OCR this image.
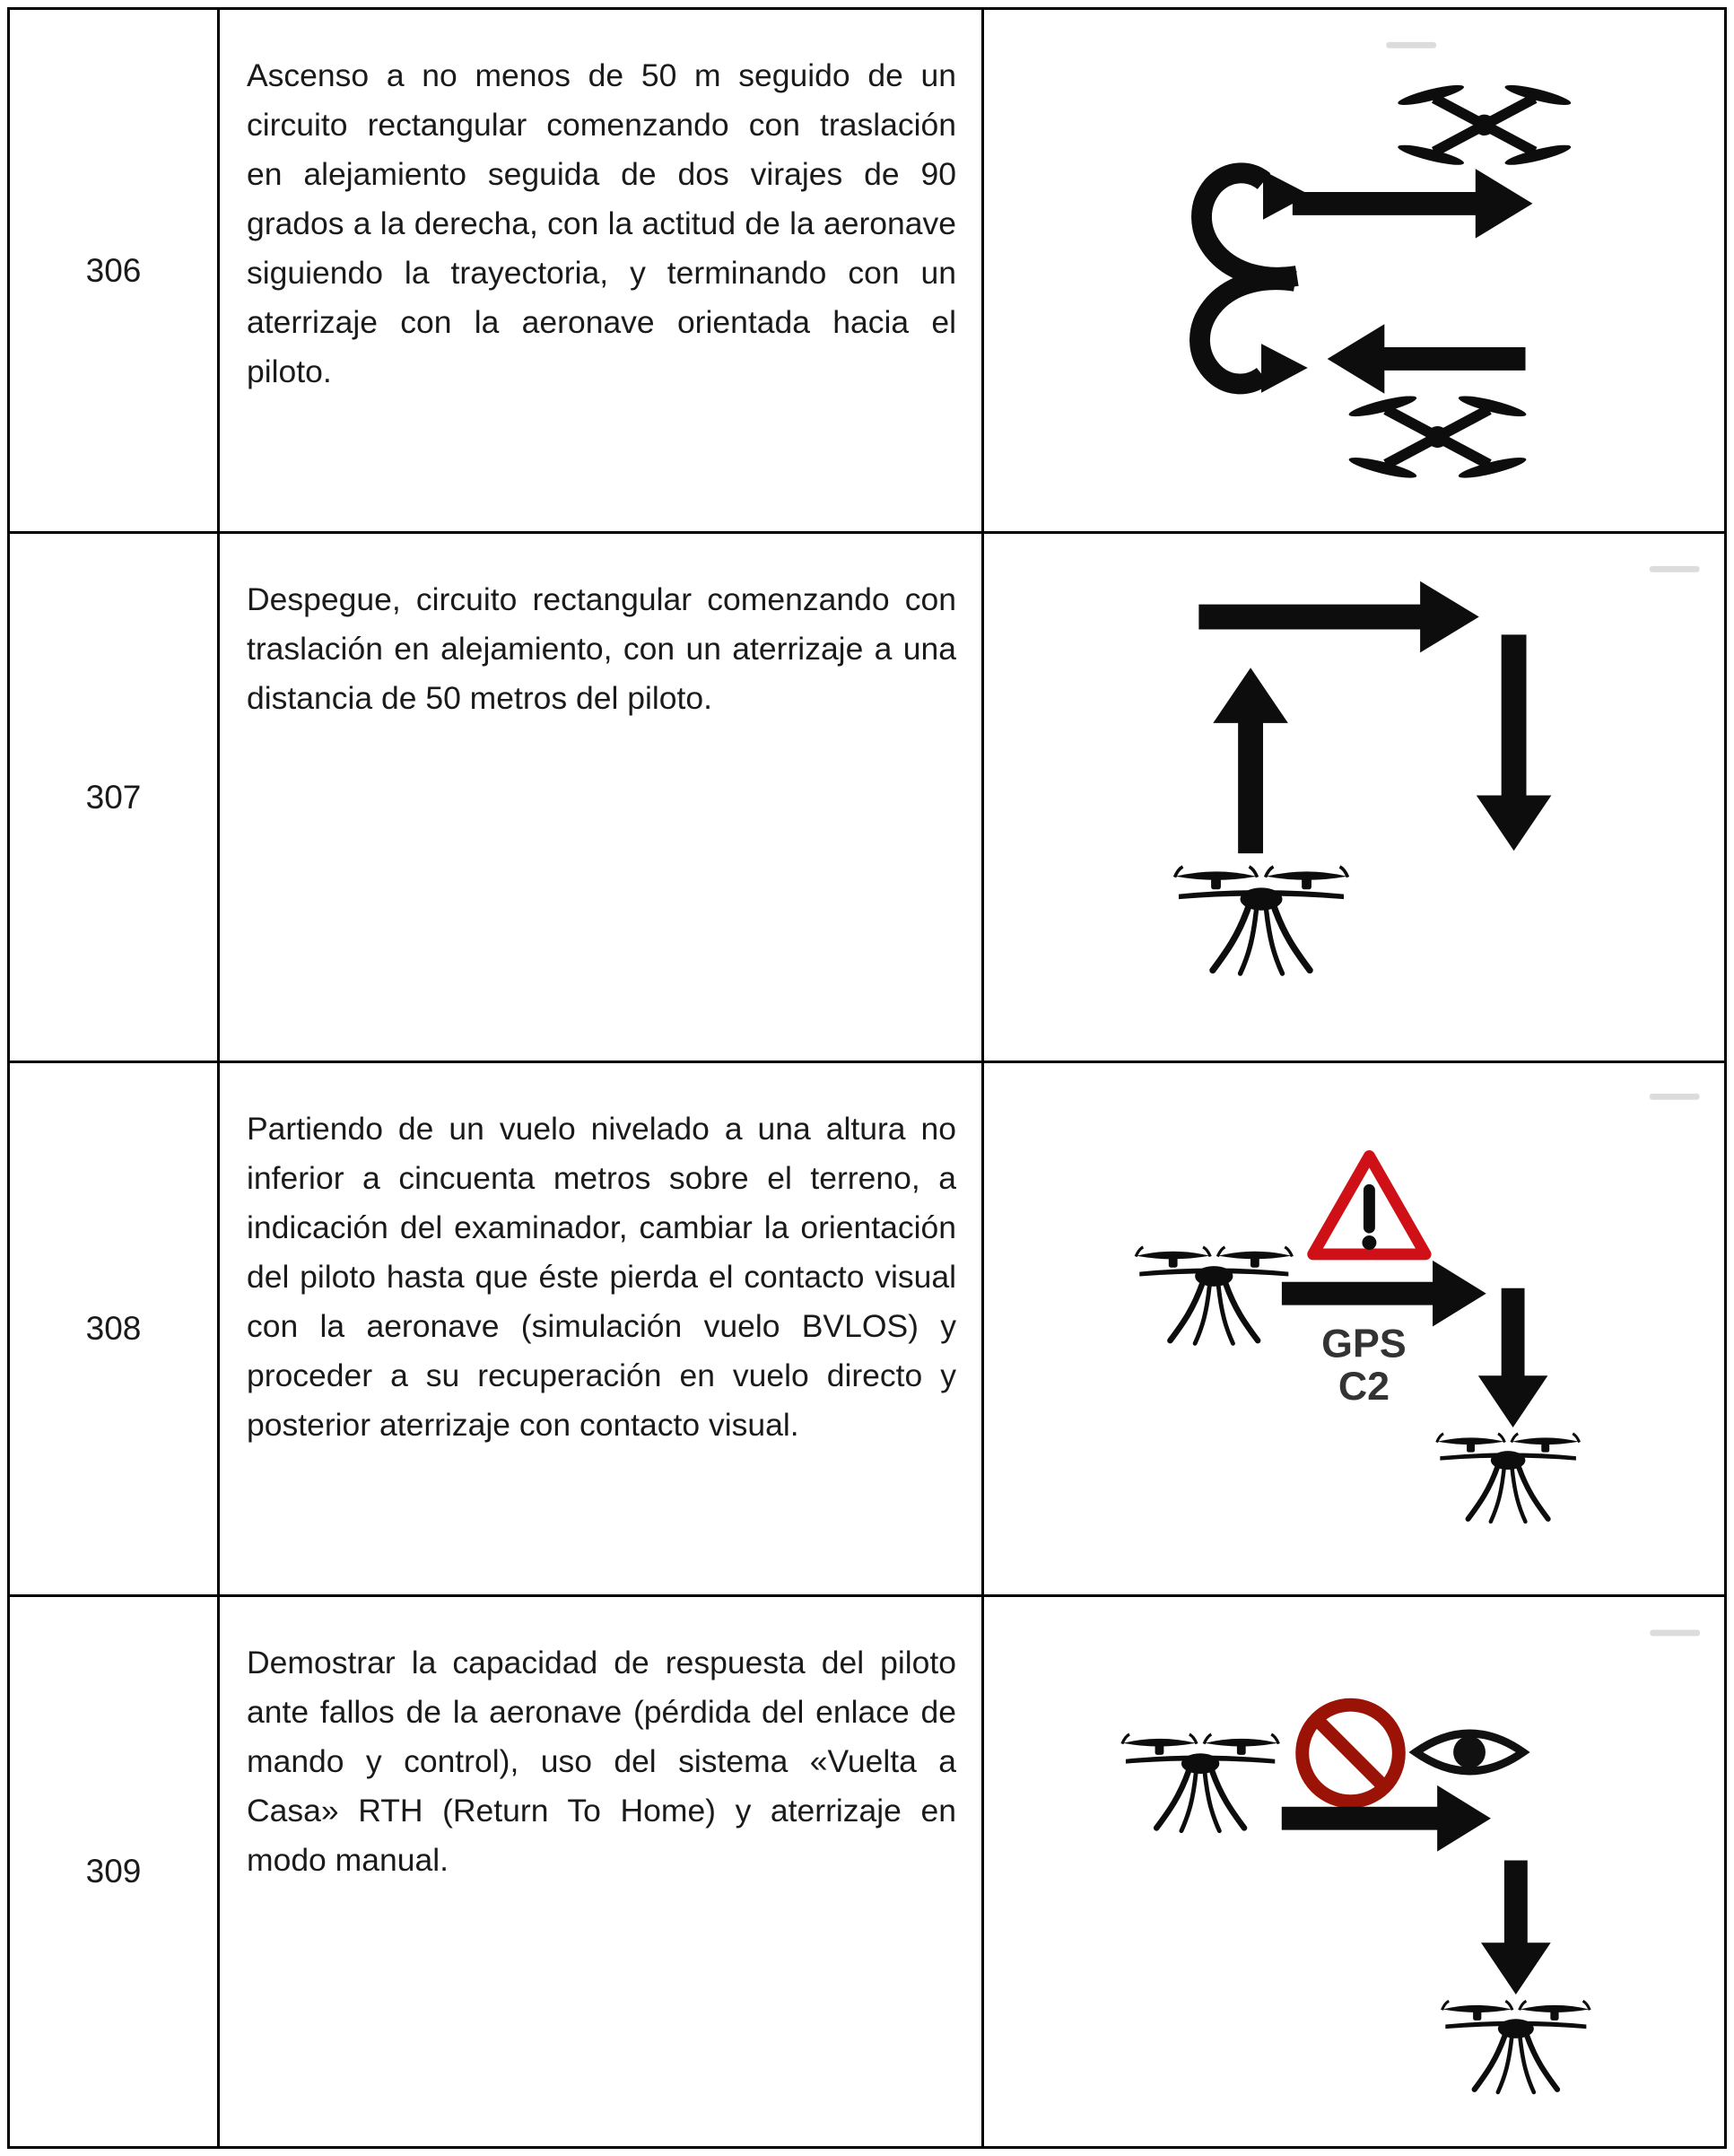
306
Ascenso a no menos de 50 m seguido de un circuito rectangular comenzando con traslación en alejamiento seguida de dos virajes de 90 grados a la derecha, con la actitud de la aeronave siguiendo la trayectoria, y terminando con un aterrizaje con la aeronave orientada hacia el piloto.
307
Despegue, circuito rectangular comenzando con traslación en alejamiento, con un aterrizaje a una distancia de 50 metros del piloto.
308
Partiendo de un vuelo nivelado a una altura no inferior a cincuenta metros sobre el terreno, a indicación del examinador, cambiar la orientación del piloto hasta que éste pierda el contacto visual con la aeronave (simulación vuelo BVLOS) y proceder a su recuperación en vuelo directo y posterior aterrizaje con contacto visual.
GPS
C2
309
Demostrar la capacidad de respuesta del piloto ante fallos de la aeronave (pérdida del enlace de mando y control), uso del sistema «Vuelta a Casa» RTH (Return To Home) y aterrizaje en modo manual.
